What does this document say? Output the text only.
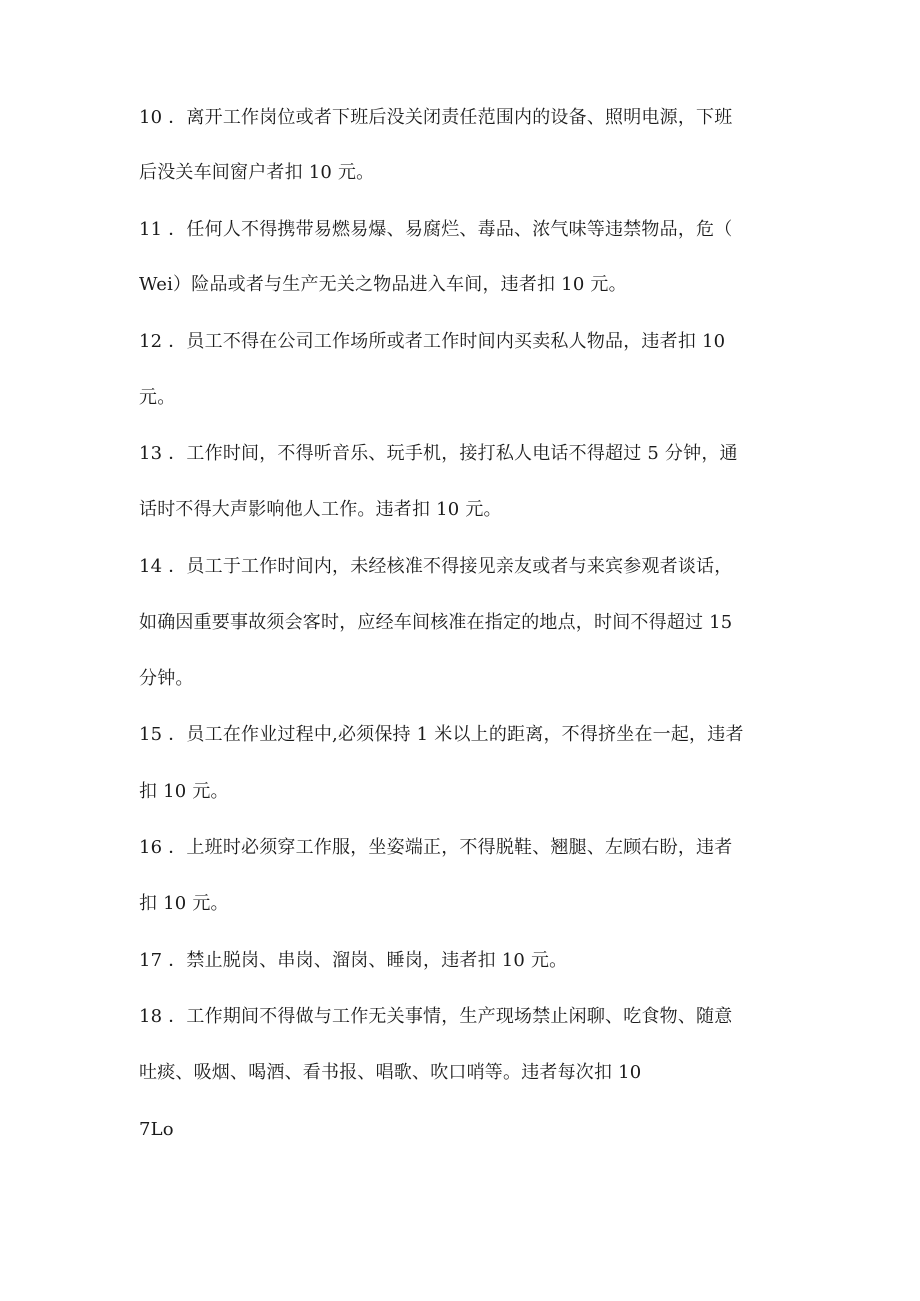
10 ．离开工作岗位或者下班后没关闭责任范围内的设备、照明电源，下班
后没关车间窗户者扣 10 元。
11 ．任何人不得携带易燃易爆、易腐烂、毒品、浓气味等违禁物品，危（
Wei）险品或者与生产无关之物品进入车间，违者扣 10 元。
12 ．员工不得在公司工作场所或者工作时间内买卖私人物品，违者扣 10
元。
13 ．工作时间，不得听音乐、玩手机，接打私人电话不得超过 5 分钟，通
话时不得大声影响他人工作。违者扣 10 元。
14 ．员工于工作时间内，未经核准不得接见亲友或者与来宾参观者谈话，
如确因重要事故须会客时，应经车间核准在指定的地点，时间不得超过 15
分钟。
15 ．员工在作业过程中,必须保持 1 米以上的距离，不得挤坐在一起，违者
扣 10 元。
16 ．上班时必须穿工作服，坐姿端正，不得脱鞋、翘腿、左顾右盼，违者
扣 10 元。
17 ．禁止脱岗、串岗、溜岗、睡岗，违者扣 10 元。
18 ．工作期间不得做与工作无关事情，生产现场禁止闲聊、吃食物、随意
吐痰、吸烟、喝酒、看书报、唱歌、吹口哨等。违者每次扣 10
7Lo
